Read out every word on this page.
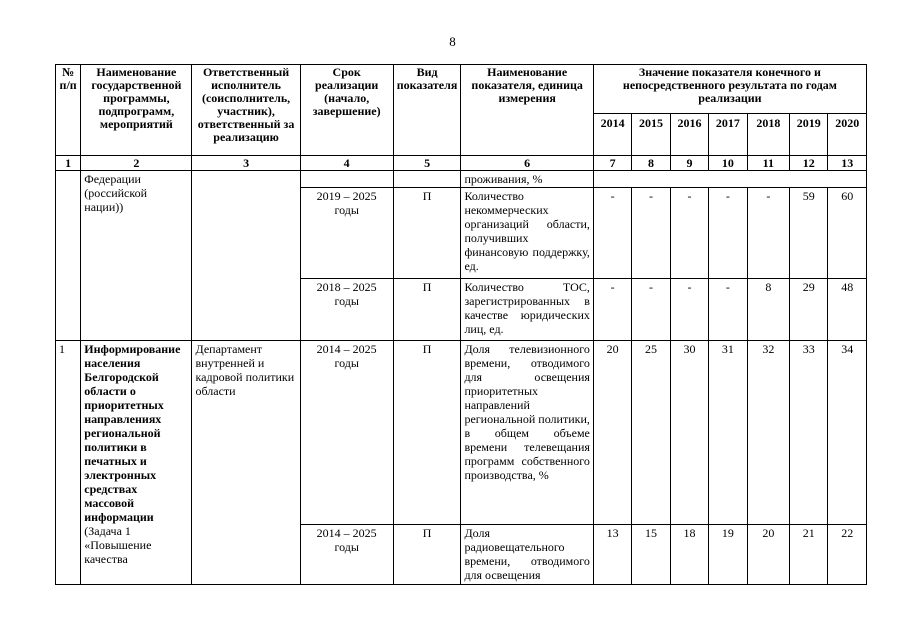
8
№ п/п	Наименование государственной программы, подпрограмм, мероприятий	Ответственный исполнитель (соисполнитель, участник), ответственный за реализацию	Срок реализации (начало, завершение)	Вид показателя	Наименование показателя, единица измерения	Значение показателя конечного и непосредственного результата по годам реализации						
						2014	2015	2016	2017	2018	2019	2020
1	2	3	4	5	6	7	8	9	10	11	12	13
	Федерации (российской нации))				проживания, %							
			2019 – 2025 годы	П	Количество некоммерческих организаций области, получивших финансовую поддержку, ед.	-	-	-	-	-	59	60
			2018 – 2025 годы	П	Количество ТОС, зарегистрированных в качестве юридических лиц, ед.	-	-	-	-	8	29	48
1	Информирование населения Белгородской области о приоритетных направлениях региональной политики в печатных и электронных средствах массовой информации (Задача 1 «Повышение качества	Департамент внутренней и кадровой политики области	2014 – 2025 годы	П	Доля телевизионного времени, отводимого для освещения приоритетных направлений региональной политики, в общем объеме времени телевещания программ собственного производства, %	20	25	30	31	32	33	34
			2014 – 2025 годы	П	Доля радиовещательного времени, отводимого для освещения	13	15	18	19	20	21	22
